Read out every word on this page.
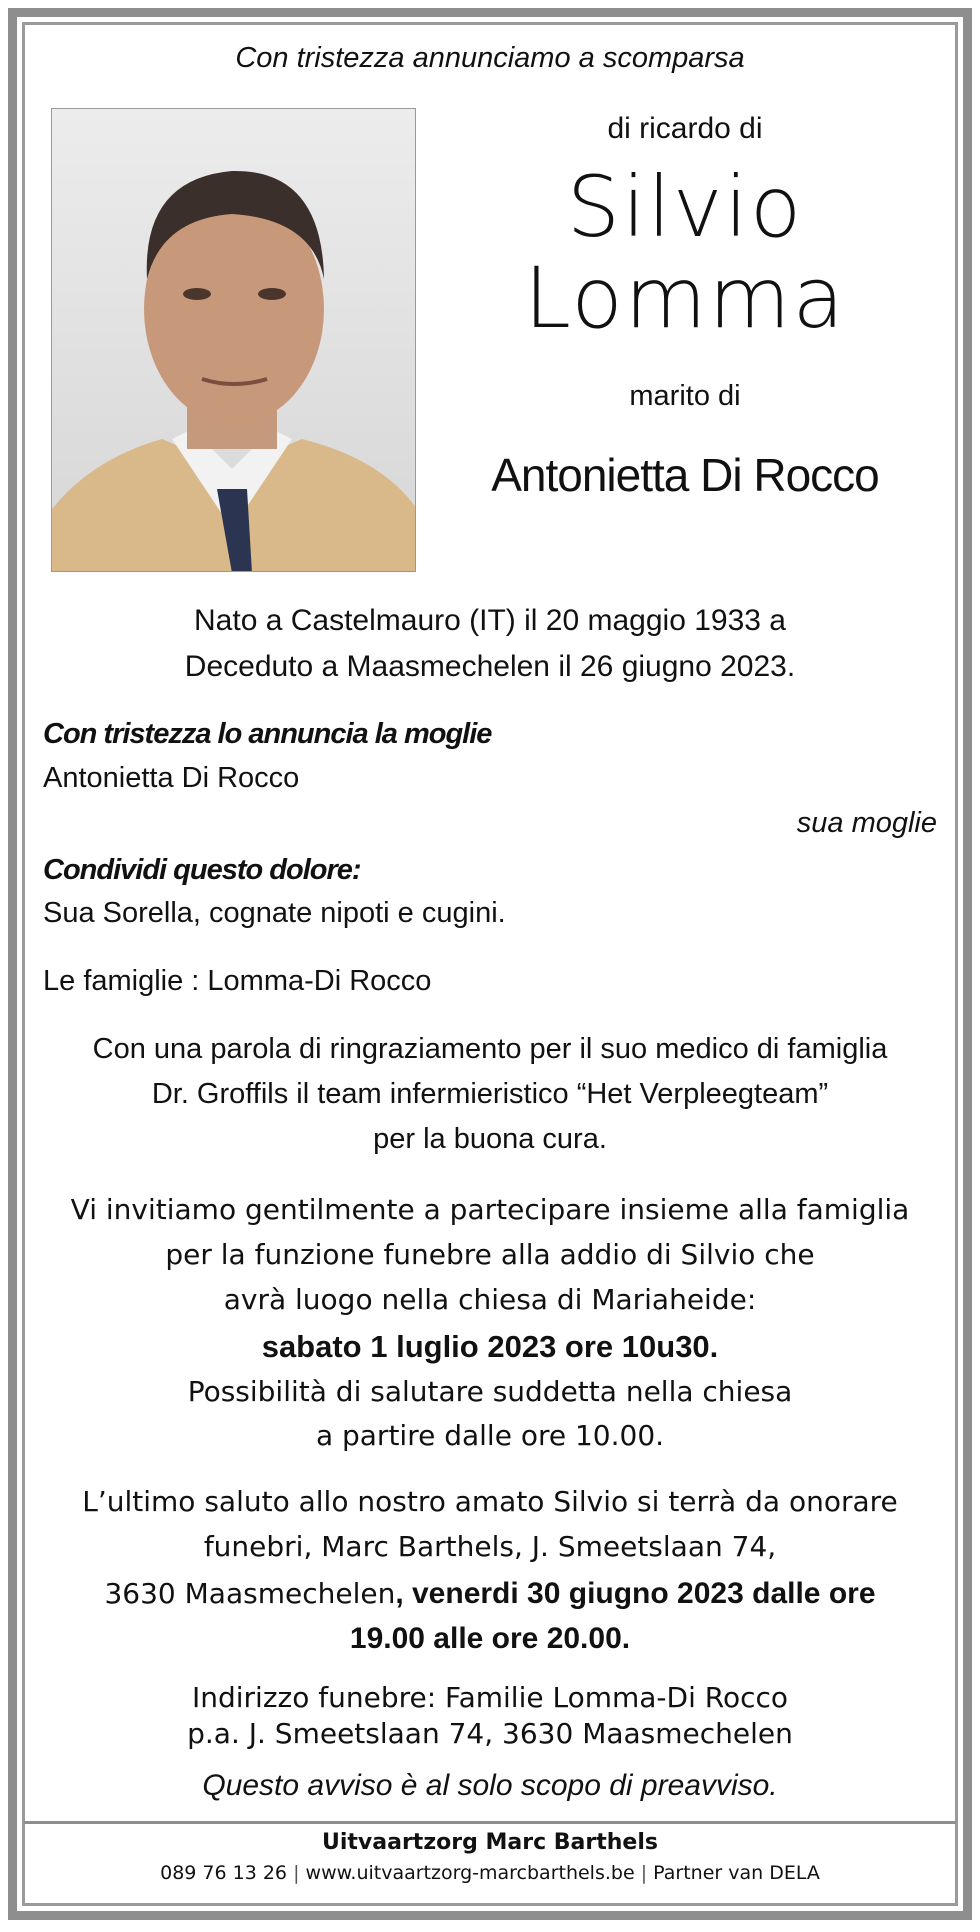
Con tristezza annunciamo a scomparsa
di ricardo di
Silvio
Lomma
marito di
Antonietta Di Rocco
Nato a Castelmauro (IT) il 20 maggio 1933 a
Deceduto a Maasmechelen il 26 giugno 2023.
Con tristezza lo annuncia la moglie
Antonietta Di Rocco
sua moglie
Condividi questo dolore:
Sua Sorella, cognate nipoti e cugini.
Le famiglie : Lomma-Di Rocco
Con una parola di ringraziamento per il suo medico di famiglia
Dr. Groffils il team infermieristico “Het Verpleegteam”
per la buona cura.
Vi invitiamo gentilmente a partecipare insieme alla famiglia
per la funzione funebre alla addio di Silvio che
avrà luogo nella chiesa di Mariaheide:
sabato 1 luglio 2023 ore 10u30.
Possibilità di salutare suddetta nella chiesa
a partire dalle ore 10.00.
L’ultimo saluto allo nostro amato Silvio si terrà da onorare
funebri, Marc Barthels, J. Smeetslaan 74,
3630 Maasmechelen, venerdi 30 giugno 2023 dalle ore
19.00 alle ore 20.00.
Indirizzo funebre: Familie Lomma-Di Rocco
p.a. J. Smeetslaan 74, 3630 Maasmechelen
Questo avviso è al solo scopo di preavviso.
Uitvaartzorg Marc Barthels
089 76 13 26 | www.uitvaartzorg-marcbarthels.be | Partner van DELA
